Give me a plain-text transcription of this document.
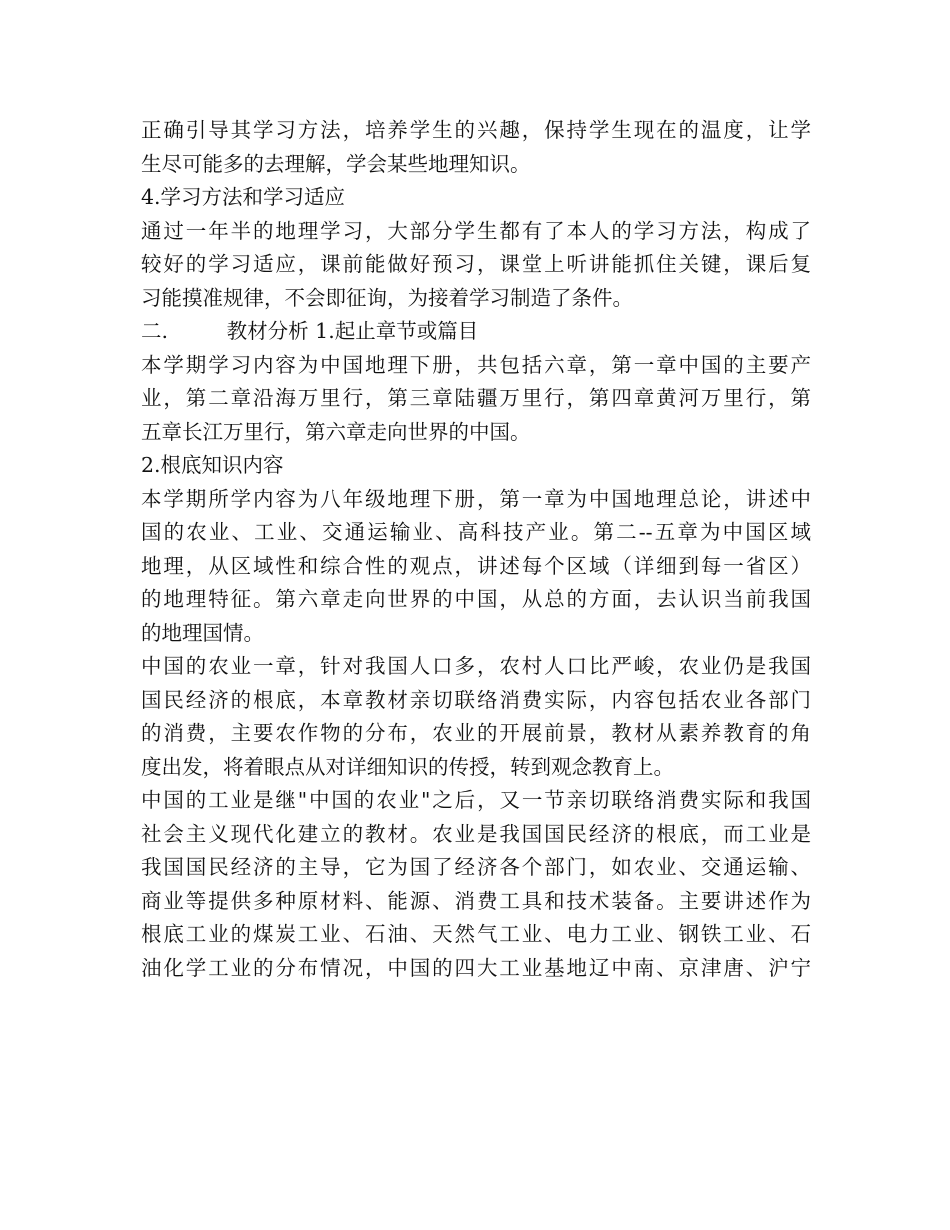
正确引导其学习方法，培养学生的兴趣，保持学生现在的温度，让学
生尽可能多的去理解，学会某些地理知识。
4.学习方法和学习适应
通过一年半的地理学习，大部分学生都有了本人的学习方法，构成了
较好的学习适应，课前能做好预习，课堂上听讲能抓住关键，课后复
习能摸准规律，不会即征询，为接着学习制造了条件。
二.         教材分析 1.起止章节或篇目
本学期学习内容为中国地理下册，共包括六章，第一章中国的主要产
业，第二章沿海万里行，第三章陆疆万里行，第四章黄河万里行，第
五章长江万里行，第六章走向世界的中国。
2.根底知识内容
本学期所学内容为八年级地理下册，第一章为中国地理总论，讲述中
国的农业、工业、交通运输业、高科技产业。第二--五章为中国区域
地理，从区域性和综合性的观点，讲述每个区域（详细到每一省区）
的地理特征。第六章走向世界的中国，从总的方面，去认识当前我国
的地理国情。
中国的农业一章，针对我国人口多，农村人口比严峻，农业仍是我国
国民经济的根底，本章教材亲切联络消费实际，内容包括农业各部门
的消费，主要农作物的分布，农业的开展前景，教材从素养教育的角
度出发，将着眼点从对详细知识的传授，转到观念教育上。
中国的工业是继"中国的农业"之后，又一节亲切联络消费实际和我国
社会主义现代化建立的教材。农业是我国国民经济的根底，而工业是
我国国民经济的主导，它为国了经济各个部门，如农业、交通运输、
商业等提供多种原材料、能源、消费工具和技术装备。主要讲述作为
根底工业的煤炭工业、石油、天然气工业、电力工业、钢铁工业、石
油化学工业的分布情况，中国的四大工业基地辽中南、京津唐、沪宁
